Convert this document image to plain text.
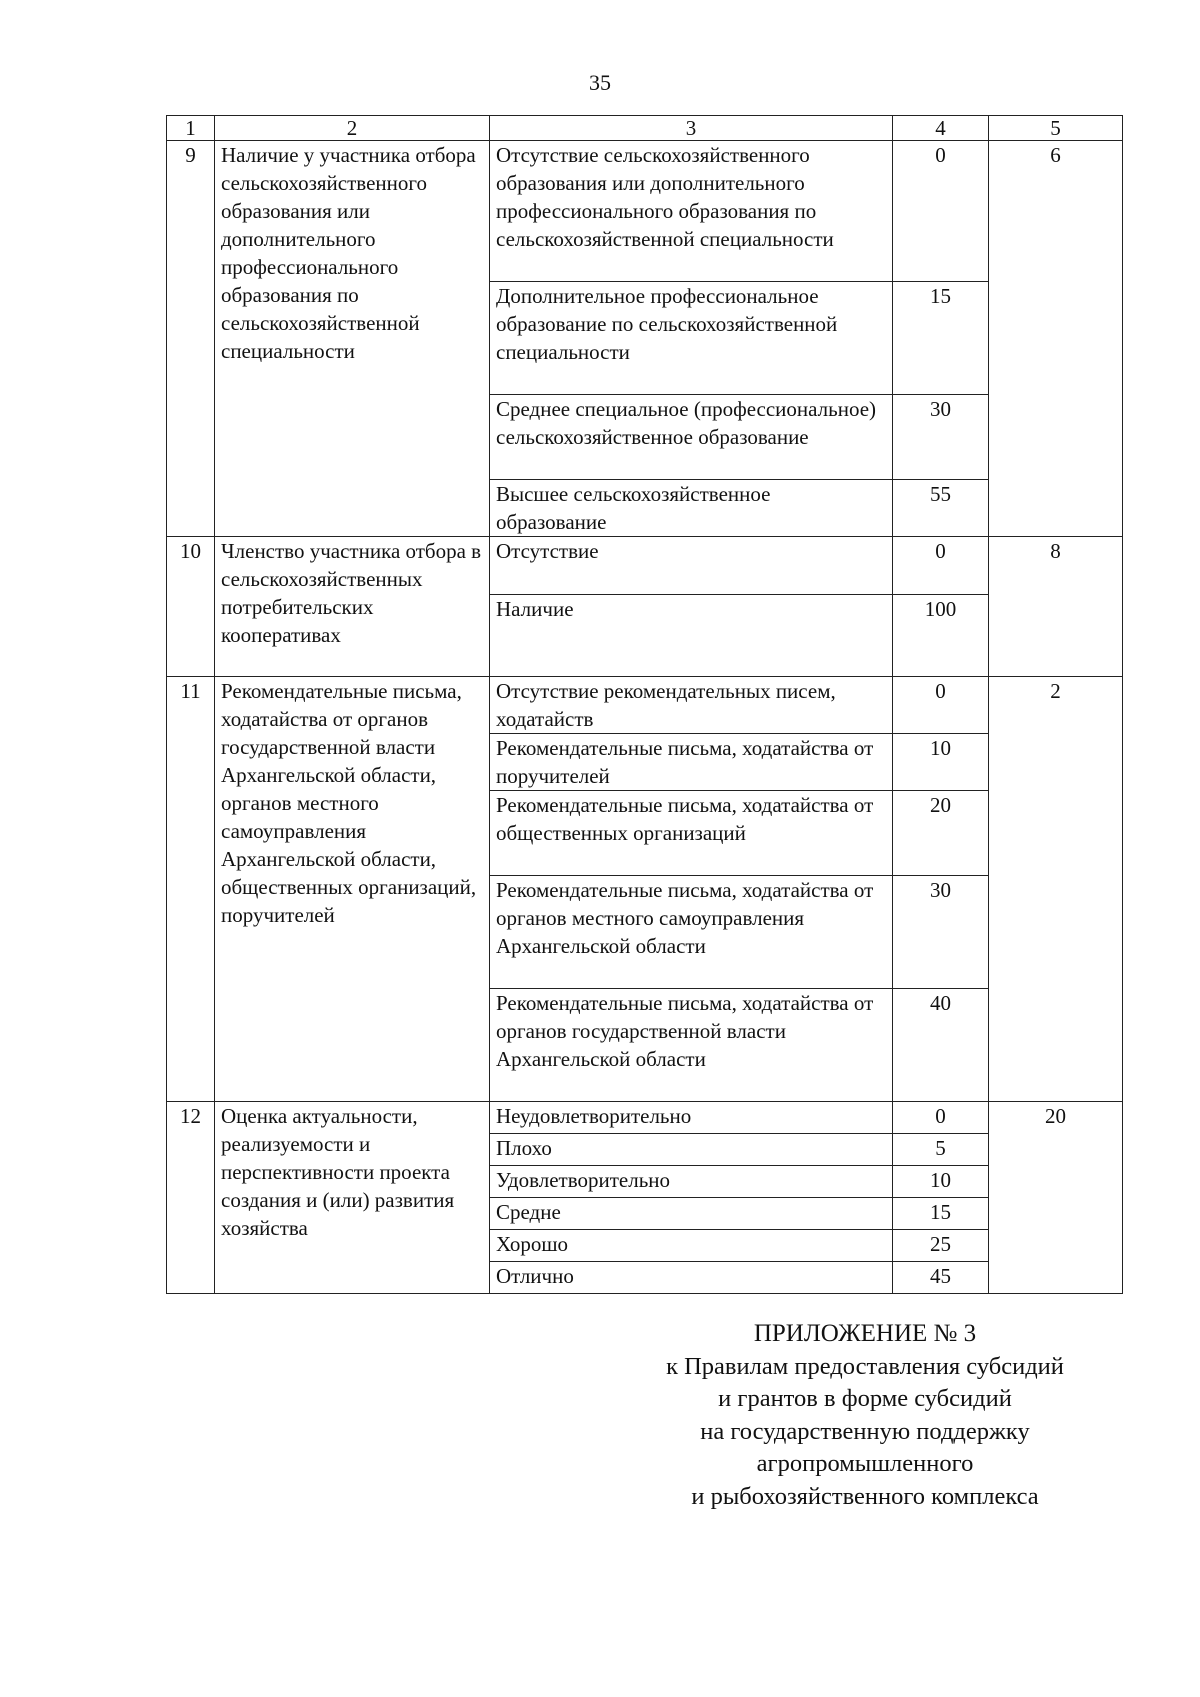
35
1	2	3	4	5
9	Наличие у участника отбора сельскохозяйственного образования или дополнительного профессионального образования по сельскохозяйственной специальности	Отсутствие сельскохозяйственного образования или дополнительного профессионального образования по сельскохозяйственной специальности	0	6
		Дополнительное профессиональное образование по сельскохозяйственной специальности	15	
		Среднее специальное (профессиональное) сельскохозяйственное образование	30	
		Высшее сельскохозяйственное образование	55	
10	Членство участника отбора в сельскохозяйственных потребительских кооперативах	Отсутствие	0	8
		Наличие	100	
11	Рекомендательные письма, ходатайства от органов государственной власти Архангельской области, органов местного самоуправления Архангельской области, общественных организаций, поручителей	Отсутствие рекомендательных писем, ходатайств	0	2
		Рекомендательные письма, ходатайства от поручителей	10	
		Рекомендательные письма, ходатайства от общественных организаций	20	
		Рекомендательные письма, ходатайства от органов местного самоуправления Архангельской области	30	
		Рекомендательные письма, ходатайства от органов государственной власти Архангельской области	40	
12	Оценка актуальности, реализуемости и перспективности проекта создания и (или) развития хозяйства	Неудовлетворительно	0	20
		Плохо	5	
		Удовлетворительно	10	
		Средне	15	
		Хорошо	25	
		Отлично	45	
ПРИЛОЖЕНИЕ № 3
к Правилам предоставления субсидий
и грантов в форме субсидий
на государственную поддержку
агропромышленного
и рыбохозяйственного комплекса
